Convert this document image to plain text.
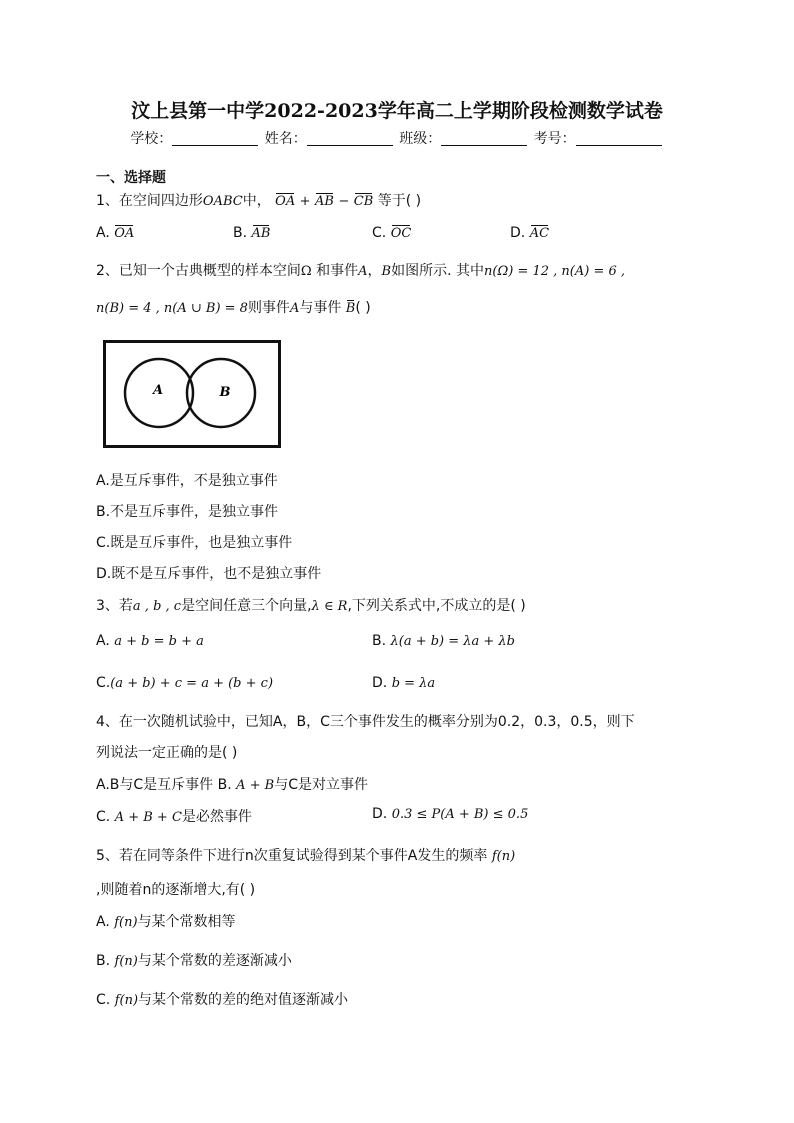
汶上县第一中学2022-2023学年高二上学期阶段检测数学试卷
学校：	姓名：	班级：	考号：
一、选择题
1、在空间四边形OABC中， OA + AB − CB 等于( )
A. OA	B. AB	C. OC	D. AC
2、已知一个古典概型的样本空间Ω 和事件A，B如图所示. 其中n(Ω) = 12 , n(A) = 6 ,
n(B) = 4 , n(A ∪ B) = 8则事件A与事件 B( )
A	B
A.是互斥事件，不是独立事件
B.不是互斥事件，是独立事件
C.既是互斥事件，也是独立事件
D.既不是互斥事件，也不是独立事件
3、若a , b , c是空间任意三个向量,λ ∈ R,下列关系式中,不成立的是( )
A. a + b = b + a	B. λ(a + b) = λa + λb
C.(a + b) + c = a + (b + c)	D. b = λa
4、在一次随机试验中，已知A，B，C三个事件发生的概率分别为0.2，0.3，0.5，则下
列说法一定正确的是( )
A.B与C是互斥事件 B. A + B与C是对立事件
C. A + B + C是必然事件	D. 0.3 ≤ P(A + B) ≤ 0.5
5、若在同等条件下进行n次重复试验得到某个事件A发生的频率 f(n)
,则随着n的逐渐增大,有( )
A. f(n)与某个常数相等
B. f(n)与某个常数的差逐渐减小
C. f(n)与某个常数的差的绝对值逐渐减小
